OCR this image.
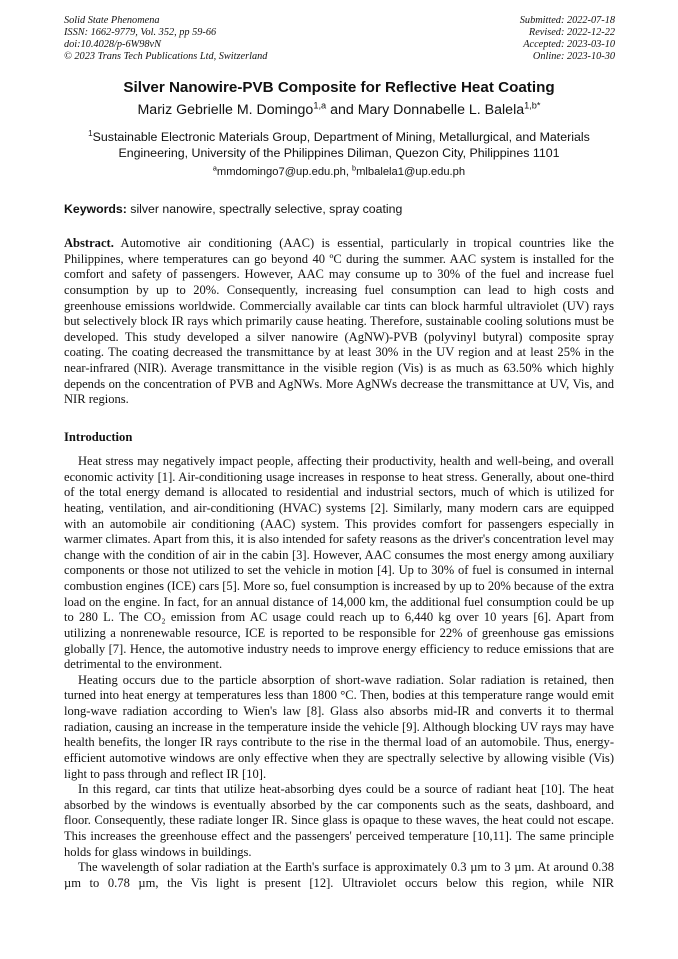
Solid State Phenomena
ISSN: 1662-9779, Vol. 352, pp 59-66
doi:10.4028/p-6W98vN
© 2023 Trans Tech Publications Ltd, Switzerland
Submitted: 2022-07-18
Revised: 2022-12-22
Accepted: 2023-03-10
Online: 2023-10-30
Silver Nanowire-PVB Composite for Reflective Heat Coating
Mariz Gebrielle M. Domingo$^{1,a}$ and Mary Donnabelle L. Balela$^{1,b*}$
$^1$Sustainable Electronic Materials Group, Department of Mining, Metallurgical, and Materials
Engineering, University of the Philippines Diliman, Quezon City, Philippines 1101
$^a$mmdomingo7@up.edu.ph, $^b$mlbalela1@up.edu.ph
Keywords: silver nanowire, spectrally selective, spray coating
Abstract. Automotive air conditioning (AAC) is essential, particularly in tropical countries like the Philippines, where temperatures can go beyond 40 ºC during the summer. AAC system is installed for the comfort and safety of passengers. However, AAC may consume up to 30% of the fuel and increase fuel consumption by up to 20%. Consequently, increasing fuel consumption can lead to high costs and greenhouse emissions worldwide. Commercially available car tints can block harmful ultraviolet (UV) rays but selectively block IR rays which primarily cause heating. Therefore, sustainable cooling solutions must be developed. This study developed a silver nanowire (AgNW)-PVB (polyvinyl butyral) composite spray coating. The coating decreased the transmittance by at least 30% in the UV region and at least 25% in the near-infrared (NIR). Average transmittance in the visible region (Vis) is as much as 63.50% which highly depends on the concentration of PVB and AgNWs. More AgNWs decrease the transmittance at UV, Vis, and NIR regions.
Introduction

Heat stress may negatively impact people, affecting their productivity, health and well-being, and overall economic activity [1]. Air-conditioning usage increases in response to heat stress. Generally, about one-third of the total energy demand is allocated to residential and industrial sectors, much of which is utilized for heating, ventilation, and air-conditioning (HVAC) systems [2]. Similarly, many modern cars are equipped with an automobile air conditioning (AAC) system. This provides comfort for passengers especially in warmer climates. Apart from this, it is also intended for safety reasons as the driver's concentration level may change with the condition of air in the cabin [3]. However, AAC consumes the most energy among auxiliary components or those not utilized to set the vehicle in motion [4]. Up to 30% of fuel is consumed in internal combustion engines (ICE) cars [5]. More so, fuel consumption is increased by up to 20% because of the extra load on the engine. In fact, for an annual distance of 14,000 km, the additional fuel consumption could be up to 280 L. The CO₂ emission from AC usage could reach up to 6,440 kg over 10 years [6]. Apart from utilizing a nonrenewable resource, ICE is reported to be responsible for 22% of greenhouse gas emissions globally [7]. Hence, the automotive industry needs to improve energy efficiency to reduce emissions that are detrimental to the environment.

Heating occurs due to the particle absorption of short-wave radiation. Solar radiation is retained, then turned into heat energy at temperatures less than 1800 °C. Then, bodies at this temperature range would emit long-wave radiation according to Wien's law [8]. Glass also absorbs mid-IR and converts it to thermal radiation, causing an increase in the temperature inside the vehicle [9]. Although blocking UV rays may have health benefits, the longer IR rays contribute to the rise in the thermal load of an automobile. Thus, energy-efficient automotive windows are only effective when they are spectrally selective by allowing visible (Vis) light to pass through and reflect IR [10].

In this regard, car tints that utilize heat-absorbing dyes could be a source of radiant heat [10]. The heat absorbed by the windows is eventually absorbed by the car components such as the seats, dashboard, and floor. Consequently, these radiate longer IR. Since glass is opaque to these waves, the heat could not escape. This increases the greenhouse effect and the passengers' perceived temperature [10,11]. The same principle holds for glass windows in buildings.

The wavelength of solar radiation at the Earth's surface is approximately 0.3 µm to 3 µm. At around 0.38 µm to 0.78 µm, the Vis light is present [12]. Ultraviolet occurs below this region, while NIR
